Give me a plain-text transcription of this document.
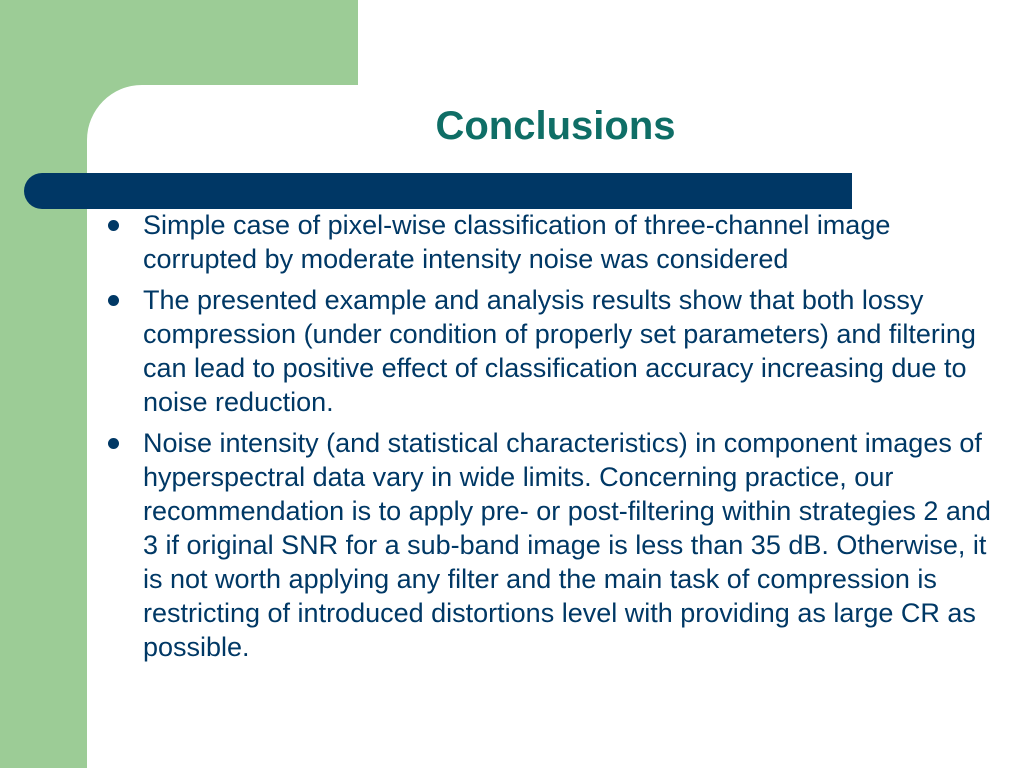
Conclusions
Simple case of pixel-wise classification of three-channel image corrupted by moderate intensity noise was considered
The presented example and analysis results show that both lossy compression (under condition of properly set parameters) and filtering can lead to positive effect of classification accuracy increasing due to noise reduction.
Noise intensity (and statistical characteristics) in component images of hyperspectral data vary in wide limits. Concerning practice, our recommendation is to apply pre- or post-filtering within strategies 2 and 3 if original SNR for a sub-band image is less than 35 dB. Otherwise, it is not worth applying any filter and the main task of compression is restricting of introduced distortions level with providing as large CR as possible.
